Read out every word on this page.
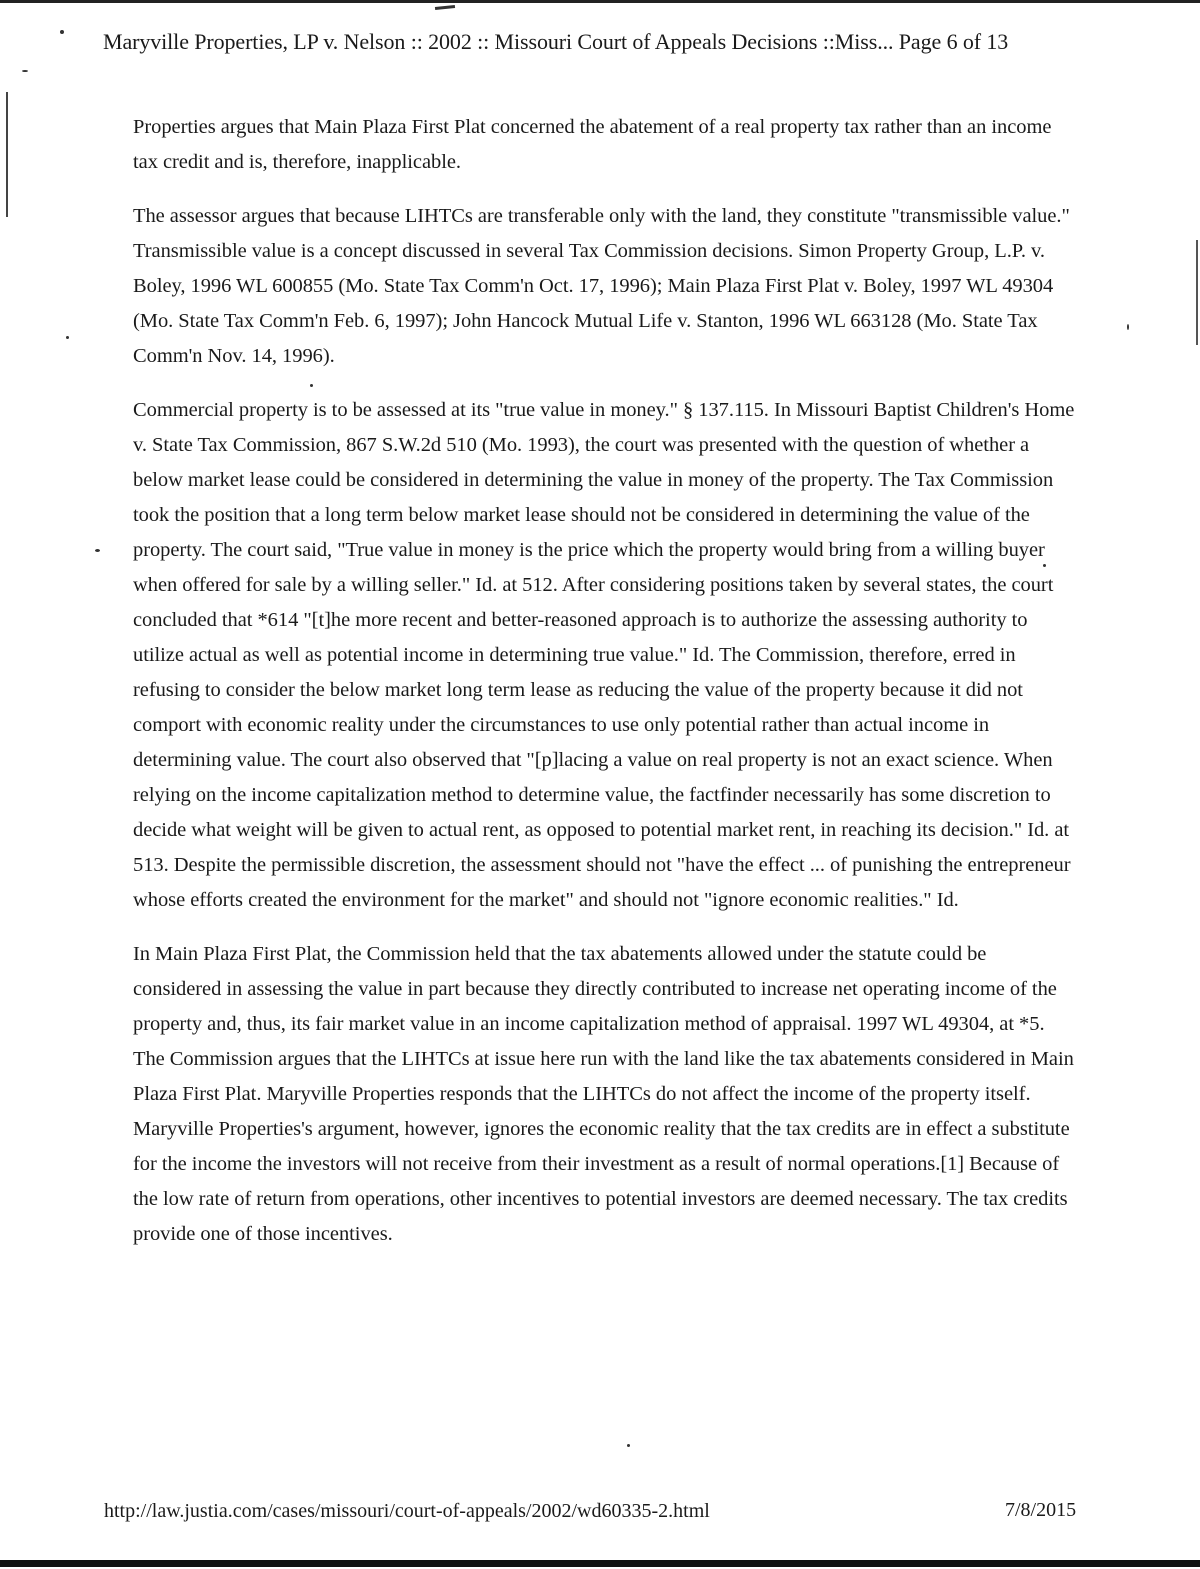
Maryville Properties, LP v. Nelson :: 2002 :: Missouri Court of Appeals Decisions ::Miss... Page 6 of 13

Properties argues that Main Plaza First Plat concerned the abatement of a real property tax rather than an income tax credit and is, therefore, inapplicable.

The assessor argues that because LIHTCs are transferable only with the land, they constitute "transmissible value." Transmissible value is a concept discussed in several Tax Commission decisions. Simon Property Group, L.P. v. Boley, 1996 WL 600855 (Mo. State Tax Comm'n Oct. 17, 1996); Main Plaza First Plat v. Boley, 1997 WL 49304 (Mo. State Tax Comm'n Feb. 6, 1997); John Hancock Mutual Life v. Stanton, 1996 WL 663128 (Mo. State Tax Comm'n Nov. 14, 1996).

Commercial property is to be assessed at its "true value in money." § 137.115. In Missouri Baptist Children's Home v. State Tax Commission, 867 S.W.2d 510 (Mo. 1993), the court was presented with the question of whether a below market lease could be considered in determining the value in money of the property. The Tax Commission took the position that a long term below market lease should not be considered in determining the value of the property. The court said, "True value in money is the price which the property would bring from a willing buyer when offered for sale by a willing seller." Id. at 512. After considering positions taken by several states, the court concluded that *614 "[t]he more recent and better-reasoned approach is to authorize the assessing authority to utilize actual as well as potential income in determining true value." Id. The Commission, therefore, erred in refusing to consider the below market long term lease as reducing the value of the property because it did not comport with economic reality under the circumstances to use only potential rather than actual income in determining value. The court also observed that "[p]lacing a value on real property is not an exact science. When relying on the income capitalization method to determine value, the factfinder necessarily has some discretion to decide what weight will be given to actual rent, as opposed to potential market rent, in reaching its decision." Id. at 513. Despite the permissible discretion, the assessment should not "have the effect ... of punishing the entrepreneur whose efforts created the environment for the market" and should not "ignore economic realities." Id.

In Main Plaza First Plat, the Commission held that the tax abatements allowed under the statute could be considered in assessing the value in part because they directly contributed to increase net operating income of the property and, thus, its fair market value in an income capitalization method of appraisal. 1997 WL 49304, at *5. The Commission argues that the LIHTCs at issue here run with the land like the tax abatements considered in Main Plaza First Plat. Maryville Properties responds that the LIHTCs do not affect the income of the property itself. Maryville Properties's argument, however, ignores the economic reality that the tax credits are in effect a substitute for the income the investors will not receive from their investment as a result of normal operations.[1] Because of the low rate of return from operations, other incentives to potential investors are deemed necessary. The tax credits provide one of those incentives.

http://law.justia.com/cases/missouri/court-of-appeals/2002/wd60335-2.html	7/8/2015
